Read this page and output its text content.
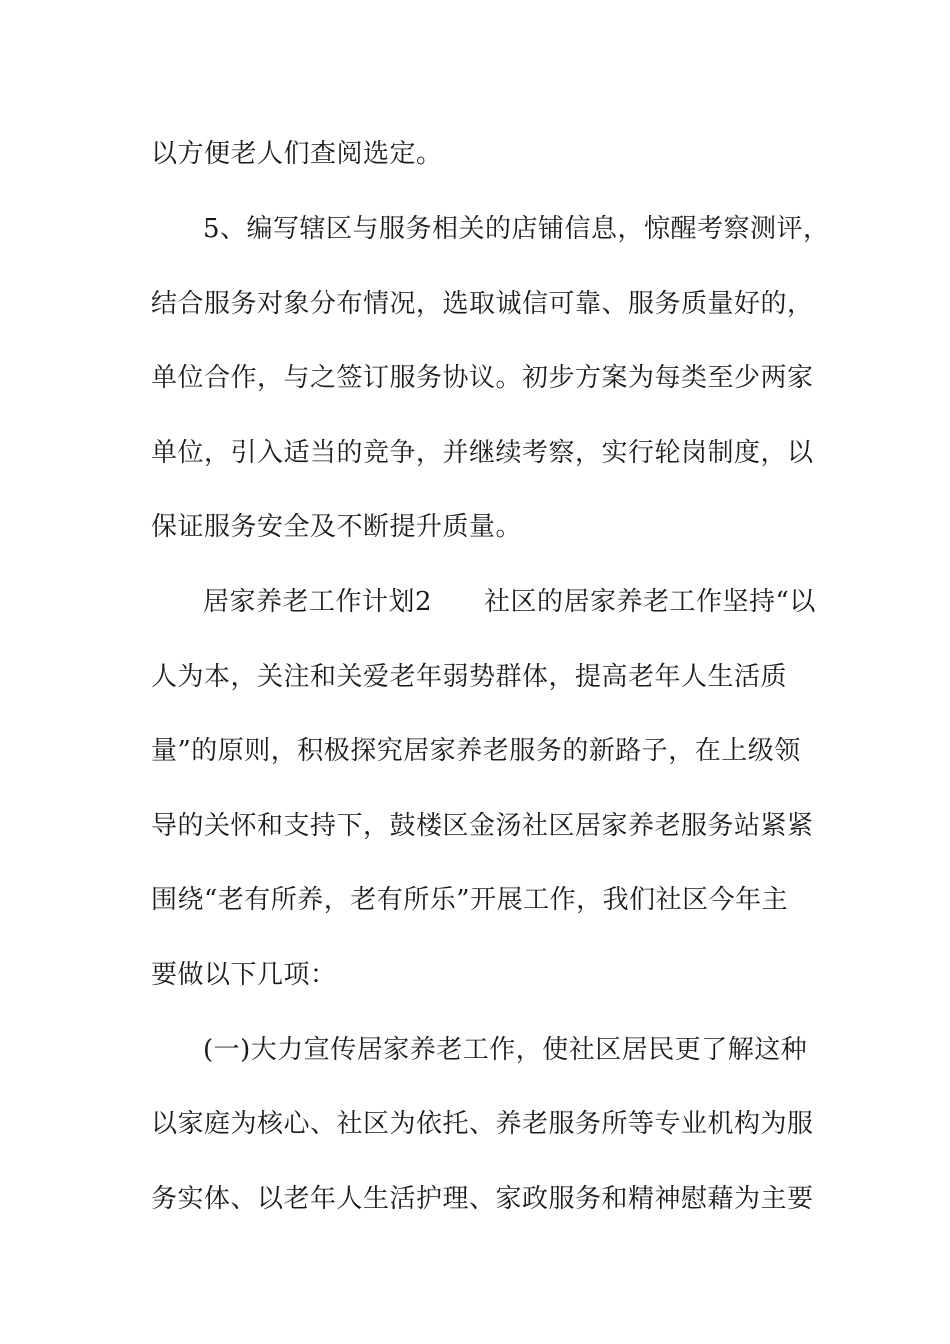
以方便老人们查阅选定。
5、编写辖区与服务相关的店铺信息，惊醒考察测评，
结合服务对象分布情况，选取诚信可靠、服务质量好的，
单位合作，与之签订服务协议。初步方案为每类至少两家
单位，引入适当的竞争，并继续考察，实行轮岗制度，以
保证服务安全及不断提升质量。
居家养老工作计划2 社区的居家养老工作坚持“以
人为本，关注和关爱老年弱势群体，提高老年人生活质
量”的原则，积极探究居家养老服务的新路子，在上级领
导的关怀和支持下，鼓楼区金汤社区居家养老服务站紧紧
围绕“老有所养，老有所乐”开展工作，我们社区今年主
要做以下几项：
(一)大力宣传居家养老工作，使社区居民更了解这种
以家庭为核心、社区为依托、养老服务所等专业机构为服
务实体、以老年人生活护理、家政服务和精神慰藉为主要
